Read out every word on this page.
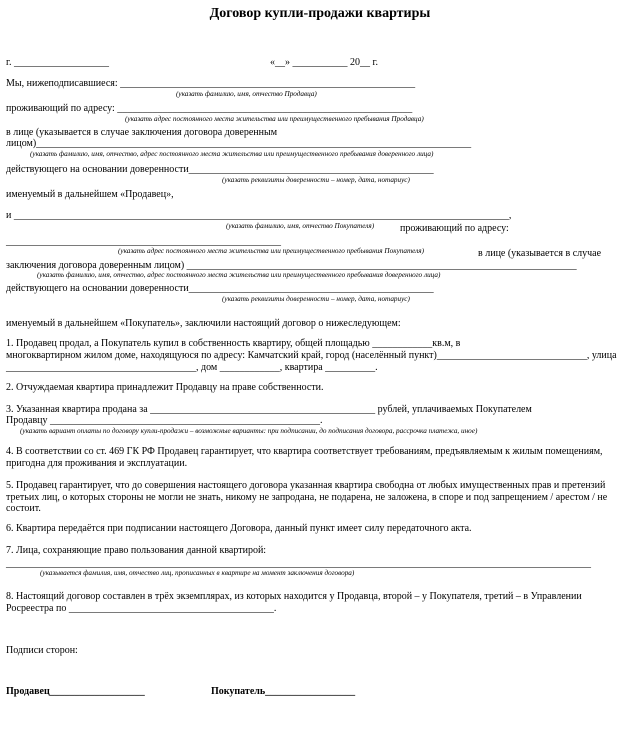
Договор купли-продажи квартиры
г. ___________________	«__» ___________ 20__ г.
Мы, нижеподписавшиеся: ___________________________________________________________
(указать фамилию, имя, отчество Продавца)
проживающий по адресу: ___________________________________________________________
(указать адрес постоянного места жительства или преимущественного пребывания Продавца)
в лице (указывается в случае заключения договора доверенным
лицом)_______________________________________________________________________________________
(указать фамилию, имя, отчество, адрес постоянного места жительства или преимущественного пребывания доверенного лица)
действующего на основании доверенности_________________________________________________
(указать реквизиты доверенности – номер, дата, нотариус)
именуемый в дальнейшем «Продавец»,
и ___________________________________________________________________________________________________,
(указать фамилию, имя, отчество Покупателя)	проживающий по адресу:
_______________________________________________________
(указать адрес постоянного места жительства или преимущественного пребывания Покупателя)	в лице (указывается в случае
заключения договора доверенным лицом) ______________________________________________________________________________
(указать фамилию, имя, отчество, адрес постоянного места жительства или преимущественного пребывания доверенного лица)
действующего на основании доверенности_________________________________________________
(указать реквизиты доверенности – номер, дата, нотариус)
именуемый в дальнейшем «Покупатель», заключили настоящий договор о нижеследующем:
1. Продавец продал, а Покупатель купил в собственность квартиру, общей площадью ____________кв.м, в
многоквартирном жилом доме, находящуюся по адресу: Камчатский край, город (населённый пункт)______________________________, улица
______________________________________, дом ____________, квартира __________.
2. Отчуждаемая квартира принадлежит Продавцу на праве собственности.
3. Указанная квартира продана за _____________________________________________ рублей, уплачиваемых Покупателем
Продавцу ______________________________________________________.
(указать вариант оплаты по договору купли-продажи – возможные варианты: при подписании, до подписания договора, рассрочка платежа, иное)
4. В соответствии со ст. 469 ГК РФ Продавец гарантирует, что квартира соответствует требованиям, предъявляемым к жилым помещениям,
пригодна для проживания и эксплуатации.
5. Продавец гарантирует, что до совершения настоящего договора указанная квартира свободна от любых имущественных прав и претензий
третьих лиц, о которых стороны не могли не знать, никому не запродана, не подарена, не заложена, в споре и под запрещением / арестом / не
состоит.
6. Квартира передаётся при подписании настоящего Договора, данный пункт имеет силу передаточного акта.
7. Лица, сохраняющие право пользования данной квартирой:
_____________________________________________________________________________________________________________________
(указывается фамилия, имя, отчество лиц, прописанных в квартире на момент заключения договора)
8. Настоящий договор составлен в трёх экземплярах, из которых находится у Продавца, второй – у Покупателя, третий – в Управлении
Росреестра по _________________________________________.
Подписи сторон:
Продавец___________________	Покупатель__________________
